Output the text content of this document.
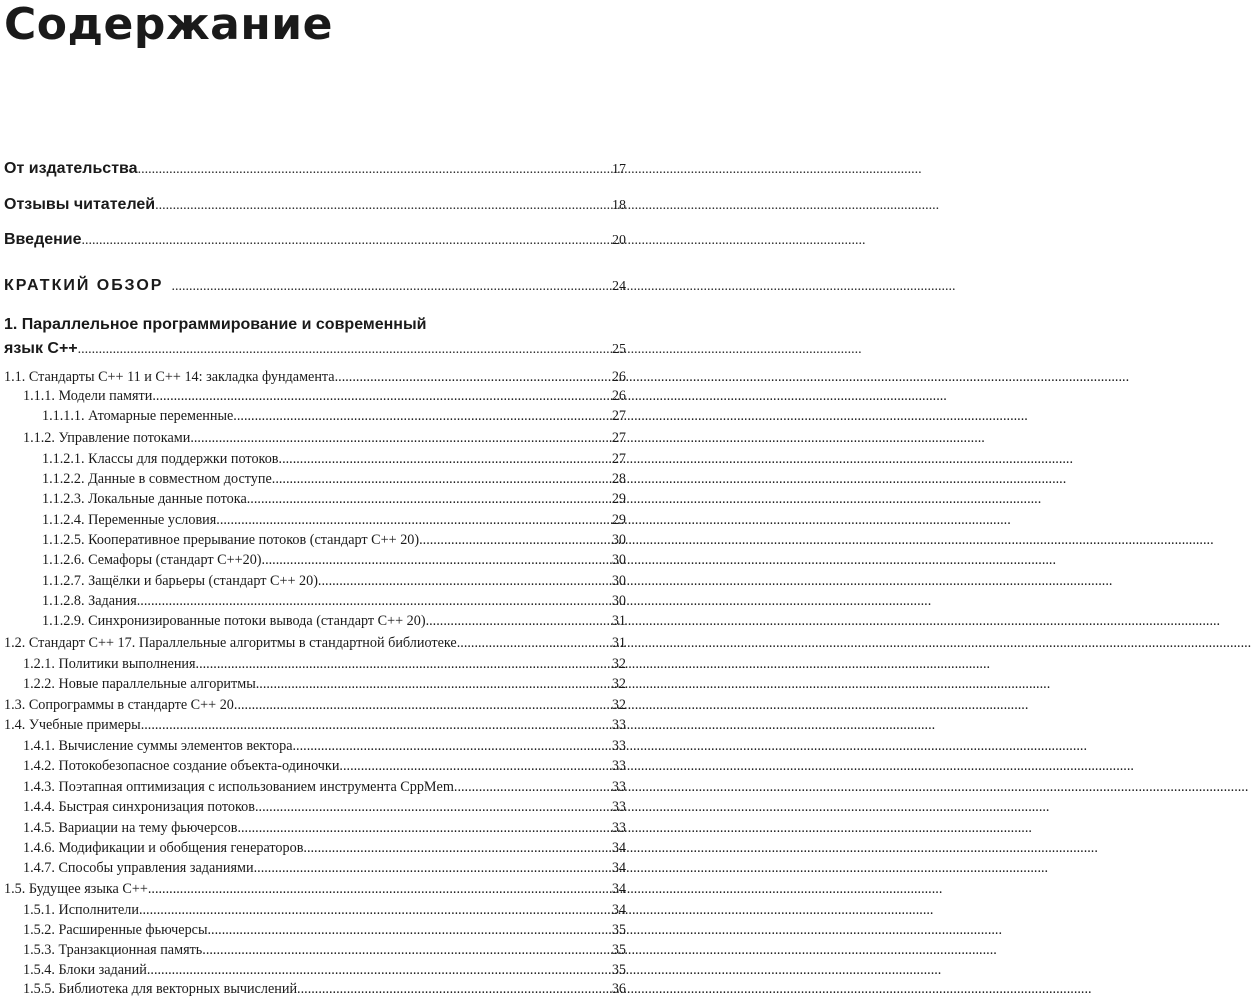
Содержание
От издательства .....	17
Отзывы читателей .....	18
Введение .....	20
КРАТКИЙ ОБЗОР .....	24
1. Параллельное программирование и современный
язык C++ .....	25
1.1. Стандарты C++ 11 и C++ 14: закладка фундамента .....	26
1.1.1. Модели памяти .....	26
1.1.1.1. Атомарные переменные .....	27
1.1.2. Управление потоками .....	27
1.1.2.1. Классы для поддержки потоков .....	27
1.1.2.2. Данные в совместном доступе .....	28
1.1.2.3. Локальные данные потока .....	29
1.1.2.4. Переменные условия .....	29
1.1.2.5. Кооперативное прерывание потоков (стандарт C++ 20) .....	30
1.1.2.6. Семафоры (стандарт C++20) .....	30
1.1.2.7. Защёлки и барьеры (стандарт C++ 20) .....	30
1.1.2.8. Задания .....	30
1.1.2.9. Синхронизированные потоки вывода (стандарт C++ 20) .....	31
1.2. Стандарт C++ 17. Параллельные алгоритмы в стандартной библиотеке .....	31
1.2.1. Политики выполнения .....	32
1.2.2. Новые параллельные алгоритмы .....	32
1.3. Сопрограммы в стандарте C++ 20 .....	32
1.4. Учебные примеры .....	33
1.4.1. Вычисление суммы элементов вектора .....	33
1.4.2. Потокобезопасное создание объекта-одиночки .....	33
1.4.3. Поэтапная оптимизация с использованием инструмента CppMem .....	33
1.4.4. Быстрая синхронизация потоков .....	33
1.4.5. Вариации на тему фьючерсов .....	33
1.4.6. Модификации и обобщения генераторов .....	34
1.4.7. Способы управления заданиями .....	34
1.5. Будущее языка C++ .....	34
1.5.1. Исполнители .....	34
1.5.2. Расширенные фьючерсы .....	35
1.5.3. Транзакционная память .....	35
1.5.4. Блоки заданий .....	35
1.5.5. Библиотека для векторных вычислений .....	36
